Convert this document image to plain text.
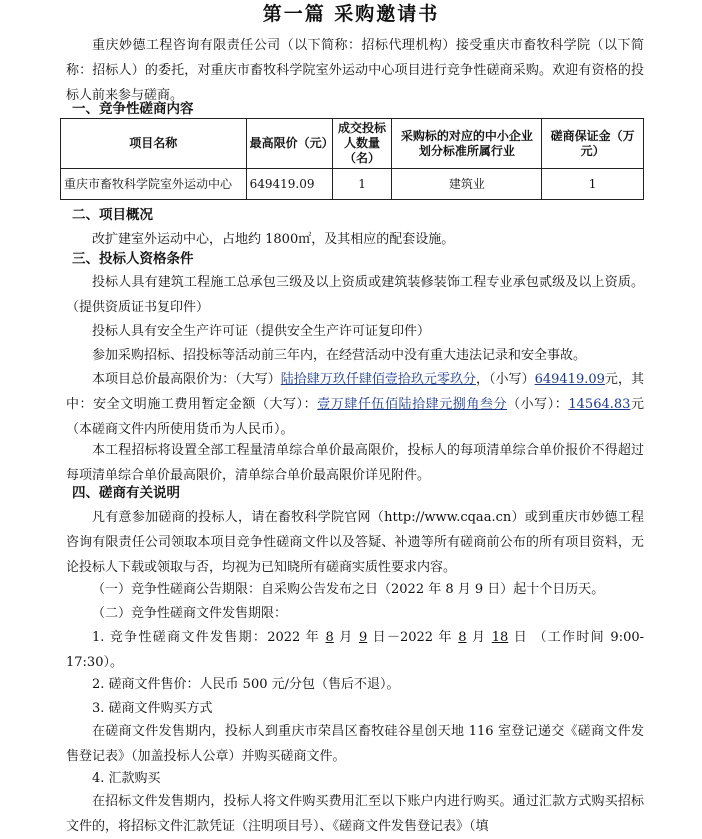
第一篇 采购邀请书
重庆妙德工程咨询有限责任公司（以下简称：招标代理机构）接受重庆市畜牧科学院（以下简称：招标人）的委托，对重庆市畜牧科学院室外运动中心项目进行竞争性磋商采购。欢迎有资格的投标人前来参与磋商。
一、竞争性磋商内容
项目名称	最高限价（元）	成交投标人数量（名）	采购标的对应的中小企业划分标准所属行业	磋商保证金（万元）
重庆市畜牧科学院室外运动中心	649419.09	1	建筑业	1
二、项目概况
改扩建室外运动中心，占地约 1800㎡，及其相应的配套设施。
三、投标人资格条件
投标人具有建筑工程施工总承包三级及以上资质或建筑装修装饰工程专业承包贰级及以上资质。（提供资质证书复印件）
投标人具有安全生产许可证（提供安全生产许可证复印件）
参加采购招标、招投标等活动前三年内，在经营活动中没有重大违法记录和安全事故。
本项目总价最高限价为：（大写）陆拾肆万玖仟肆佰壹拾玖元零玖分，（小写）649419.09元，其中：安全文明施工费用暂定金额（大写）：壹万肆仟伍佰陆拾肆元捌角叁分（小写）：14564.83元（本磋商文件内所使用货币为人民币）。
本工程招标将设置全部工程量清单综合单价最高限价，投标人的每项清单综合单价报价不得超过每项清单综合单价最高限价，清单综合单价最高限价详见附件。
四、磋商有关说明
凡有意参加磋商的投标人，请在畜牧科学院官网（http://www.cqaa.cn）或到重庆市妙德工程咨询有限责任公司领取本项目竞争性磋商文件以及答疑、补遗等所有磋商前公布的所有项目资料，无论投标人下载或领取与否，均视为已知晓所有磋商实质性要求内容。
（一）竞争性磋商公告期限：自采购公告发布之日（2022 年 8 月 9 日）起十个日历天。
（二）竞争性磋商文件发售期限：
1. 竞争性磋商文件发售期：2022 年 8 月 9 日－2022 年 8 月 18 日 （工作时间 9:00-17:30）。
2. 磋商文件售价：人民币 500 元/分包（售后不退）。
3. 磋商文件购买方式
在磋商文件发售期内，投标人到重庆市荣昌区畜牧硅谷星创天地 116 室登记递交《磋商文件发售登记表》（加盖投标人公章）并购买磋商文件。
4. 汇款购买
在招标文件发售期内，投标人将文件购买费用汇至以下账户内进行购买。通过汇款方式购买招标文件的，将招标文件汇款凭证（注明项目号）、《磋商文件发售登记表》（填
